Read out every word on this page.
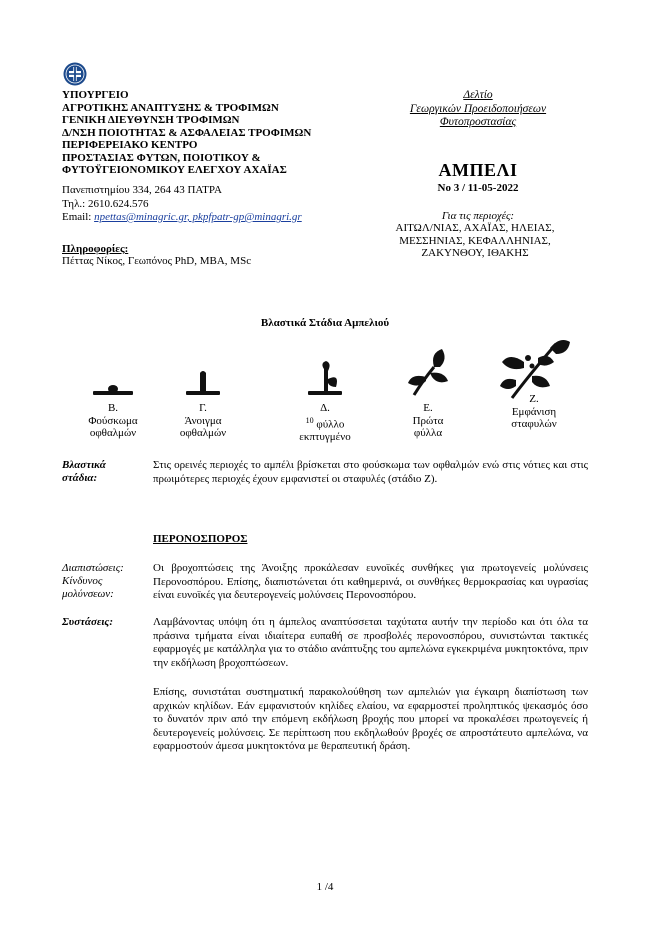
ΥΠΟΥΡΓΕΙΟ
ΑΓΡΟΤΙΚΗΣ ΑΝΑΠΤΥΞΗΣ & ΤΡΟΦΙΜΩΝ
ΓΕΝΙΚΗ ΔΙΕΥΘΥΝΣΗ ΤΡΟΦΙΜΩΝ
Δ/ΝΣΗ ΠΟΙΟΤΗΤΑΣ & ΑΣΦΑΛΕΙΑΣ ΤΡΟΦΙΜΩΝ
ΠΕΡΙΦΕΡΕΙΑΚΟ ΚΕΝΤΡΟ
ΠΡΟΣΤΑΣΙΑΣ ΦΥΤΩΝ, ΠΟΙΟΤΙΚΟΥ &
ΦΥΤΟΫΓΕΙΟΝΟΜΙΚΟΥ ΕΛΕΓΧΟΥ ΑΧΑΪΑΣ
Πανεπιστημίου 334, 264 43 ΠΑΤΡΑ
Τηλ.: 2610.624.576
Email: npettas@minagric.gr, pkpfpatr-gp@minagri.gr
Πληροφορίες:
Πέττας Νίκος, Γεωπόνος PhD, MBA, MSc
Δελτίο
Γεωργικών Προειδοποιήσεων
Φυτοπροστασίας
ΑΜΠΕΛΙ
Νο 3 / 11-05-2022
Για τις περιοχές:
ΑΙΤΩΛ/ΝΙΑΣ, ΑΧΑΪΑΣ, ΗΛΕΙΑΣ,
ΜΕΣΣΗΝΙΑΣ, ΚΕΦΑΛΛΗΝΙΑΣ,
ΖΑΚΥΝΘΟΥ, ΙΘΑΚΗΣ
Βλαστικά Στάδια Αμπελιού
Β.
Φούσκωμα
οφθαλμών
Γ.
Άνοιγμα οφθαλμών
Δ.
$^{10}$ φύλλο
εκπτυγμένο
Ε.
Πρώτα
φύλλα
Ζ.
Εμφάνιση
σταφυλών
Βλαστικά στάδια:
Στις ορεινές περιοχές το αμπέλι βρίσκεται στο φούσκωμα των οφθαλμών ενώ στις νότιες και στις πρωιμότερες περιοχές έχουν εμφανιστεί οι σταφυλές (στάδιο Ζ).
ΠΕΡΟΝΟΣΠΟΡΟΣ
Διαπιστώσεις:
Κίνδυνος μολύνσεων:
Οι βροχοπτώσεις της Άνοιξης προκάλεσαν ευνοϊκές συνθήκες για πρωτογενείς μολύνσεις Περονοσπόρου. Επίσης, διαπιστώνεται ότι καθημερινά, οι συνθήκες θερμοκρασίας και υγρασίας είναι ευνοϊκές για δευτερογενείς μολύνσεις Περονοσπόρου.
Συστάσεις:	Λαμβάνοντας υπόψη ότι η άμπελος αναπτύσσεται ταχύτατα αυτήν την περίοδο και ότι όλα τα πράσινα τμήματα είναι ιδιαίτερα ευπαθή σε προσβολές περονοσπόρου, συνιστώνται τακτικές εφαρμογές με κατάλληλα για το στάδιο ανάπτυξης του αμπελώνα εγκεκριμένα μυκητοκτόνα, πριν την εκδήλωση βροχοπτώσεων.
Επίσης, συνιστάται συστηματική παρακολούθηση των αμπελιών για έγκαιρη διαπίστωση των αρχικών κηλίδων. Εάν εμφανιστούν κηλίδες ελαίου, να εφαρμοστεί προληπτικός ψεκασμός όσο το δυνατόν πριν από την επόμενη εκδήλωση βροχής που μπορεί να προκαλέσει πρωτογενείς ή δευτερογενείς μολύνσεις. Σε περίπτωση που εκδηλωθούν βροχές σε απροστάτευτο αμπελώνα, να εφαρμοστούν άμεσα μυκητοκτόνα με θεραπευτική δράση.
1 /4
